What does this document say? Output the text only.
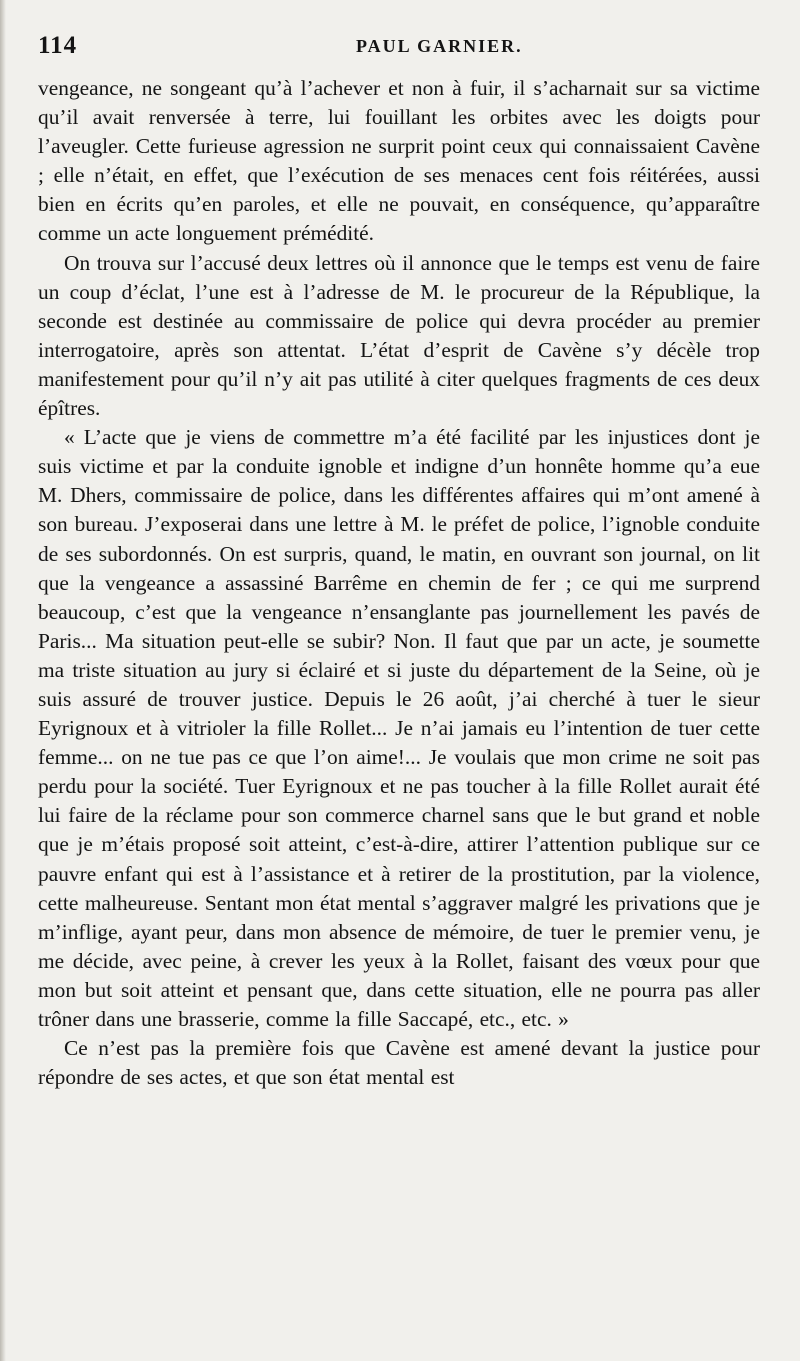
114	PAUL GARNIER.

vengeance, ne songeant qu’à l’achever et non à fuir, il s’acharnait sur sa victime qu’il avait renversée à terre, lui fouillant les orbites avec les doigts pour l’aveugler. Cette furieuse agression ne surprit point ceux qui connaissaient Cavène ; elle n’était, en effet, que l’exécution de ses menaces cent fois réitérées, aussi bien en écrits qu’en paroles, et elle ne pouvait, en conséquence, qu’apparaître comme un acte longuement prémédité.

On trouva sur l’accusé deux lettres où il annonce que le temps est venu de faire un coup d’éclat, l’une est à l’adresse de M. le procureur de la République, la seconde est destinée au commissaire de police qui devra procéder au premier interrogatoire, après son attentat. L’état d’esprit de Cavène s’y décèle trop manifestement pour qu’il n’y ait pas utilité à citer quelques fragments de ces deux épîtres.

« L’acte que je viens de commettre m’a été facilité par les injustices dont je suis victime et par la conduite ignoble et indigne d’un honnête homme qu’a eue M. Dhers, commissaire de police, dans les différentes affaires qui m’ont amené à son bureau. J’exposerai dans une lettre à M. le préfet de police, l’ignoble conduite de ses subordonnés. On est surpris, quand, le matin, en ouvrant son journal, on lit que la vengeance a assassiné Barrême en chemin de fer ; ce qui me surprend beaucoup, c’est que la vengeance n’ensanglante pas journellement les pavés de Paris... Ma situation peut-elle se subir? Non. Il faut que par un acte, je soumette ma triste situation au jury si éclairé et si juste du département de la Seine, où je suis assuré de trouver justice. Depuis le 26 août, j’ai cherché à tuer le sieur Eyrignoux et à vitrioler la fille Rollet... Je n’ai jamais eu l’intention de tuer cette femme... on ne tue pas ce que l’on aime!... Je voulais que mon crime ne soit pas perdu pour la société. Tuer Eyrignoux et ne pas toucher à la fille Rollet aurait été lui faire de la réclame pour son commerce charnel sans que le but grand et noble que je m’étais proposé soit atteint, c’est-à-dire, attirer l’attention publique sur ce pauvre enfant qui est à l’assistance et à retirer de la prostitution, par la violence, cette malheureuse. Sentant mon état mental s’aggraver malgré les privations que je m’inflige, ayant peur, dans mon absence de mémoire, de tuer le premier venu, je me décide, avec peine, à crever les yeux à la Rollet, faisant des vœux pour que mon but soit atteint et pensant que, dans cette situation, elle ne pourra pas aller trôner dans une brasserie, comme la fille Saccapé, etc., etc. »

Ce n’est pas la première fois que Cavène est amené devant la justice pour répondre de ses actes, et que son état mental est
